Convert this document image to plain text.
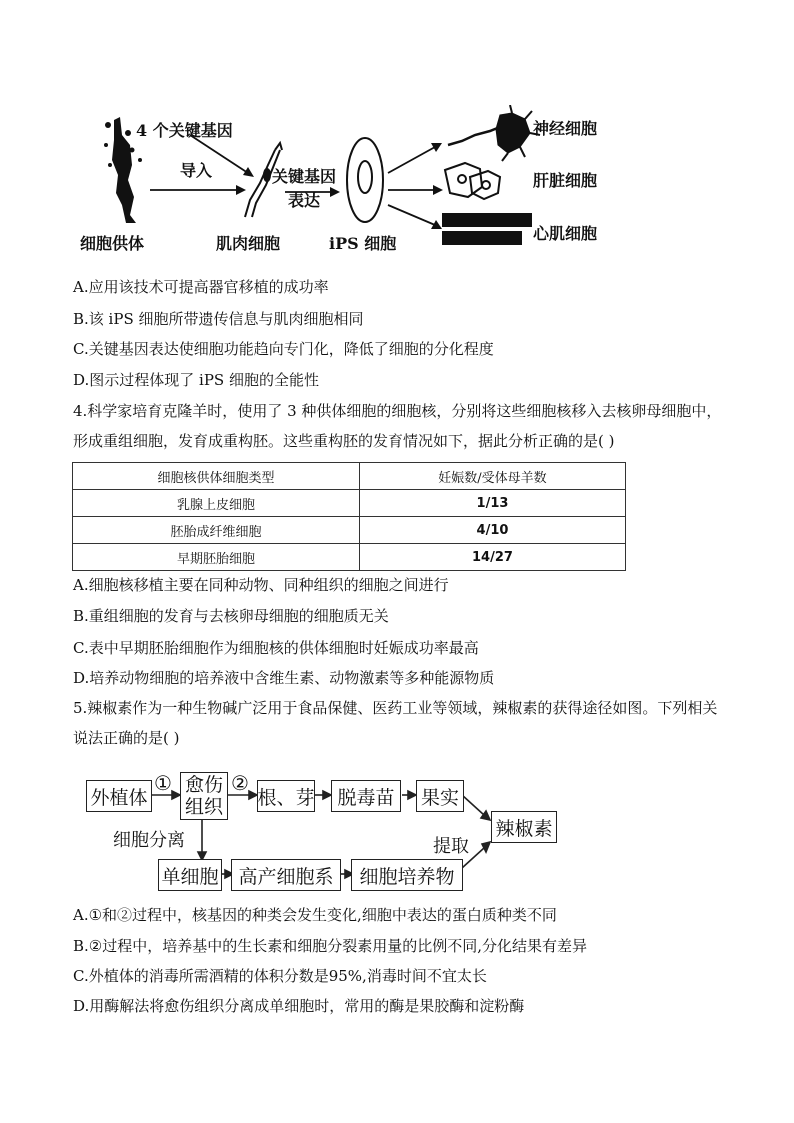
4 个关键基因
导入	关键基因
表达
细胞供体	肌肉细胞	iPS 细胞
神经细胞
肝脏细胞
心肌细胞
A.应用该技术可提高器官移植的成功率
B.该 iPS 细胞所带遗传信息与肌肉细胞相同
C.关键基因表达使细胞功能趋向专门化，降低了细胞的分化程度
D.图示过程体现了 iPS 细胞的全能性
4.科学家培育克隆羊时，使用了 3 种供体细胞的细胞核，分别将这些细胞核移入去核卵母细胞中，形成重组细胞，发育成重构胚。这些重构胚的发育情况如下，据此分析正确的是( )
细胞核供体细胞类型	妊娠数/受体母羊数
乳腺上皮细胞	1/13
胚胎成纤维细胞	4/10
早期胚胎细胞	14/27
A.细胞核移植主要在同种动物、同种组织的细胞之间进行
B.重组细胞的发育与去核卵母细胞的细胞质无关
C.表中早期胚胎细胞作为细胞核的供体细胞时妊娠成功率最高
D.培养动物细胞的培养液中含维生素、动物激素等多种能源物质
5.辣椒素作为一种生物碱广泛用于食品保健、医药工业等领域，辣椒素的获得途径如图。下列相关说法正确的是( )
外植体
① 愈伤
组织
②
根、芽	脱毒苗	果实
辣椒素
细胞分离	提取
单细胞	高产细胞系	细胞培养物
A.①和②过程中，核基因的种类会发生变化,细胞中表达的蛋白质种类不同
B.②过程中，培养基中的生长素和细胞分裂素用量的比例不同,分化结果有差异
C.外植体的消毒所需酒精的体积分数是95%,消毒时间不宜太长
D.用酶解法将愈伤组织分离成单细胞时，常用的酶是果胶酶和淀粉酶
